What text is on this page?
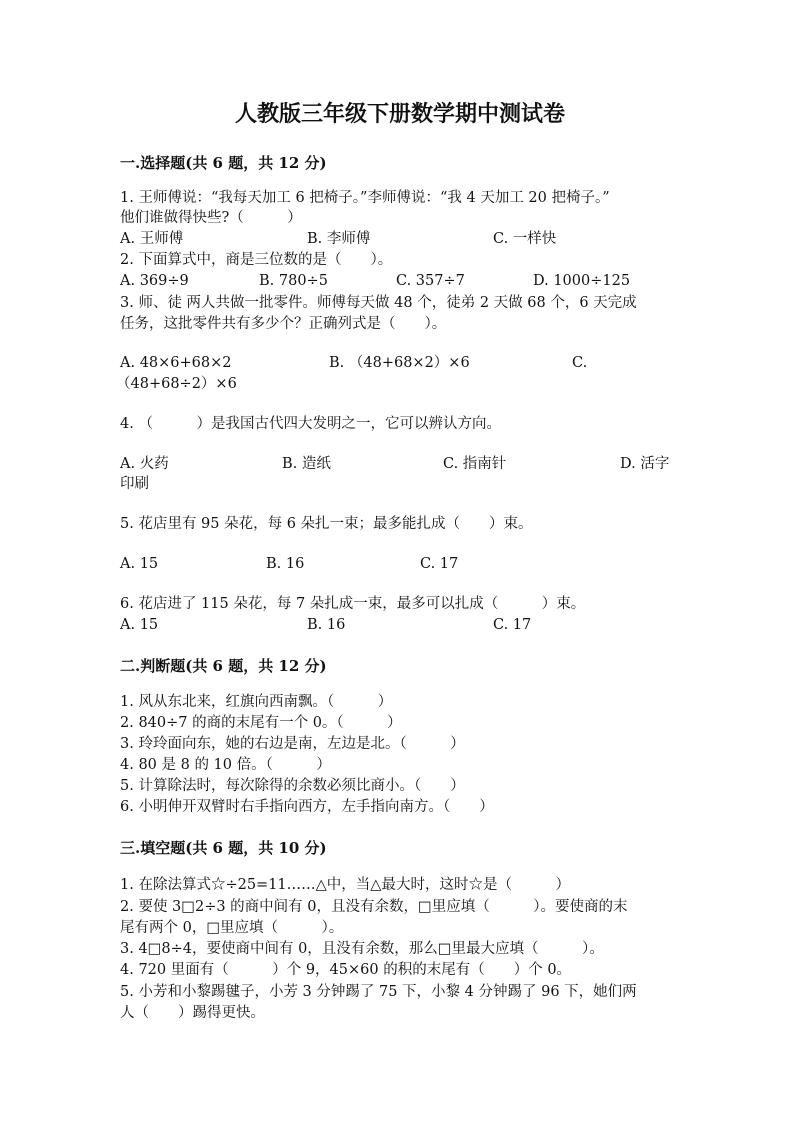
人教版三年级下册数学期中测试卷
一.选择题(共 6 题，共 12 分)
1. 王师傅说：“我每天加工 6 把椅子。”李师傅说：“我 4 天加工 20 把椅子。”
他们谁做得快些?（　　　）
A. 王师傅	B. 李师傅	C. 一样快
2. 下面算式中，商是三位数的是（　　）。
A. 369÷9	B. 780÷5	C. 357÷7	D. 1000÷125
3. 师、徒 两人共做一批零件。师傅每天做 48 个，徒弟 2 天做 68 个，6 天完成
任务，这批零件共有多少个？正确列式是（　　）。
A. 48×6+68×2	B. （48+68×2）×6	C.
（48+68÷2）×6
4. （　　　）是我国古代四大发明之一，它可以辨认方向。
A. 火药	B. 造纸	C. 指南针	D. 活字
印刷
5. 花店里有 95 朵花，每 6 朵扎一束；最多能扎成（　　）束。
A. 15	B. 16	C. 17
6. 花店进了 115 朵花，每 7 朵扎成一束，最多可以扎成（　　　）束。
A. 15	B. 16	C. 17
二.判断题(共 6 题，共 12 分)
1. 风从东北来，红旗向西南飘。（　　　）
2. 840÷7 的商的末尾有一个 0。（　　　）
3. 玲玲面向东，她的右边是南，左边是北。（　　　）
4. 80 是 8 的 10 倍。（　　　）
5. 计算除法时，每次除得的余数必须比商小。（　　）
6. 小明伸开双臂时右手指向西方，左手指向南方。（　　）
三.填空题(共 6 题，共 10 分)
1. 在除法算式☆÷25=11……△中，当△最大时，这时☆是（　　　）
2. 要使 3□2÷3 的商中间有 0，且没有余数，□里应填（　　　）。要使商的末
尾有两个 0，□里应填（　　　）。
3. 4□8÷4，要使商中间有 0，且没有余数，那么□里最大应填（　　　）。
4. 720 里面有（　　　）个 9，45×60 的积的末尾有（　　）个 0。
5. 小芳和小黎踢毽子，小芳 3 分钟踢了 75 下，小黎 4 分钟踢了 96 下，她们两
人（　　）踢得更快。
